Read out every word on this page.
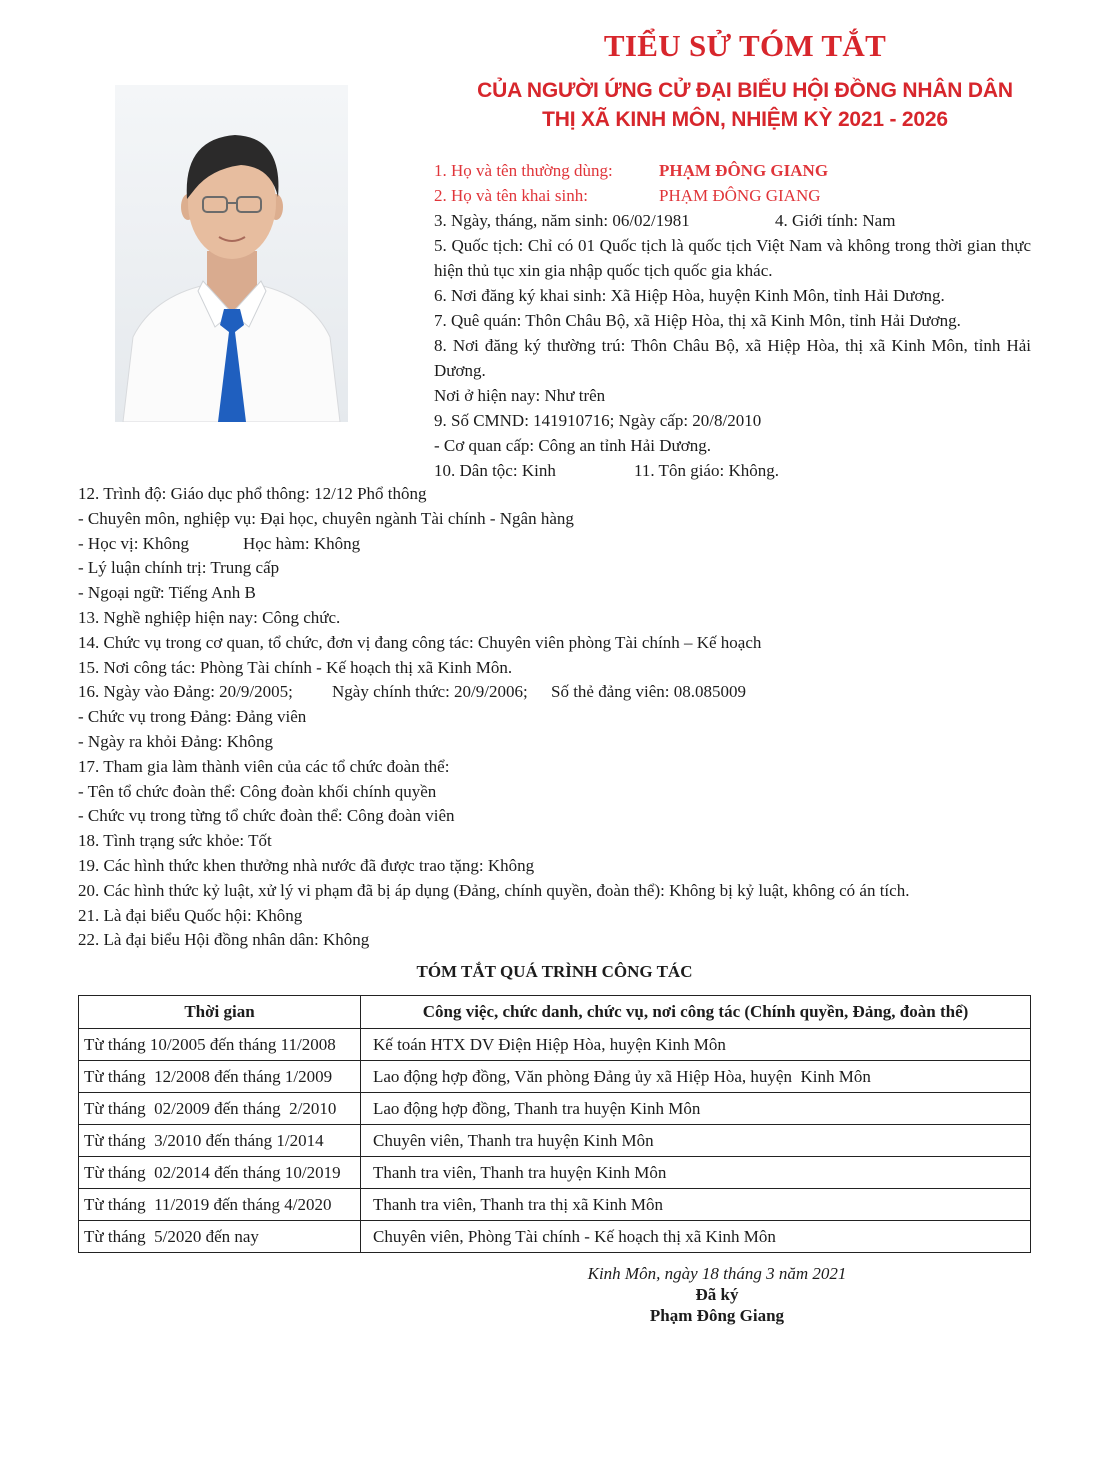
TIỂU SỬ TÓM TẮT
CỦA NGƯỜI ỨNG CỬ ĐẠI BIỂU HỘI ĐỒNG NHÂN DÂN
THỊ XÃ KINH MÔN, NHIỆM KỲ 2021 - 2026
1. Họ và tên thường dùng:	PHẠM ĐÔNG GIANG
2. Họ và tên khai sinh:	PHẠM ĐÔNG GIANG
3. Ngày, tháng, năm sinh: 06/02/1981	4. Giới tính: Nam
5. Quốc tịch: Chỉ có 01 Quốc tịch là quốc tịch Việt Nam và không trong thời gian thực hiện thủ tục xin gia nhập quốc tịch quốc gia khác.
6. Nơi đăng ký khai sinh: Xã Hiệp Hòa, huyện Kinh Môn, tỉnh Hải Dương.
7. Quê quán: Thôn Châu Bộ, xã Hiệp Hòa, thị xã Kinh Môn, tỉnh Hải Dương.
8. Nơi đăng ký thường trú: Thôn Châu Bộ, xã Hiệp Hòa, thị xã Kinh Môn, tỉnh Hải Dương.
Nơi ở hiện nay: Như trên
9. Số CMND: 141910716; Ngày cấp: 20/8/2010
- Cơ quan cấp: Công an tỉnh Hải Dương.
10. Dân tộc: Kinh	11. Tôn giáo: Không.
12. Trình độ: Giáo dục phổ thông: 12/12 Phổ thông
- Chuyên môn, nghiệp vụ: Đại học, chuyên ngành Tài chính - Ngân hàng
- Học vị: Không	Học hàm: Không
- Lý luận chính trị: Trung cấp
- Ngoại ngữ: Tiếng Anh B
13. Nghề nghiệp hiện nay: Công chức.
14. Chức vụ trong cơ quan, tổ chức, đơn vị đang công tác: Chuyên viên phòng Tài chính – Kế hoạch
15. Nơi công tác: Phòng Tài chính - Kế hoạch thị xã Kinh Môn.
16. Ngày vào Đảng: 20/9/2005; Ngày chính thức: 20/9/2006; Số thẻ đảng viên: 08.085009
- Chức vụ trong Đảng: Đảng viên
- Ngày ra khỏi Đảng: Không
17. Tham gia làm thành viên của các tổ chức đoàn thể:
- Tên tổ chức đoàn thể: Công đoàn khối chính quyền
- Chức vụ trong từng tổ chức đoàn thể: Công đoàn viên
18. Tình trạng sức khỏe: Tốt
19. Các hình thức khen thưởng nhà nước đã được trao tặng: Không
20. Các hình thức kỷ luật, xử lý vi phạm đã bị áp dụng (Đảng, chính quyền, đoàn thể): Không bị kỷ luật, không có án tích.
21. Là đại biểu Quốc hội: Không
22. Là đại biểu Hội đồng nhân dân: Không
TÓM TẮT QUÁ TRÌNH CÔNG TÁC
Thời gian	Công việc, chức danh, chức vụ, nơi công tác (Chính quyền, Đảng, đoàn thể)
Từ tháng 10/2005 đến tháng 11/2008	Kế toán HTX DV Điện Hiệp Hòa, huyện Kinh Môn
Từ tháng  12/2008 đến tháng 1/2009	Lao động hợp đồng, Văn phòng Đảng ủy xã Hiệp Hòa, huyện  Kinh Môn
Từ tháng  02/2009 đến tháng  2/2010	Lao động hợp đồng, Thanh tra huyện Kinh Môn
Từ tháng  3/2010 đến tháng 1/2014	Chuyên viên, Thanh tra huyện Kinh Môn
Từ tháng  02/2014 đến tháng 10/2019	Thanh tra viên, Thanh tra huyện Kinh Môn
Từ tháng  11/2019 đến tháng 4/2020	Thanh tra viên, Thanh tra thị xã Kinh Môn
Từ tháng  5/2020 đến nay	Chuyên viên, Phòng Tài chính - Kế hoạch thị xã Kinh Môn
Kinh Môn, ngày 18 tháng 3 năm 2021
Đã ký
Phạm Đông Giang
